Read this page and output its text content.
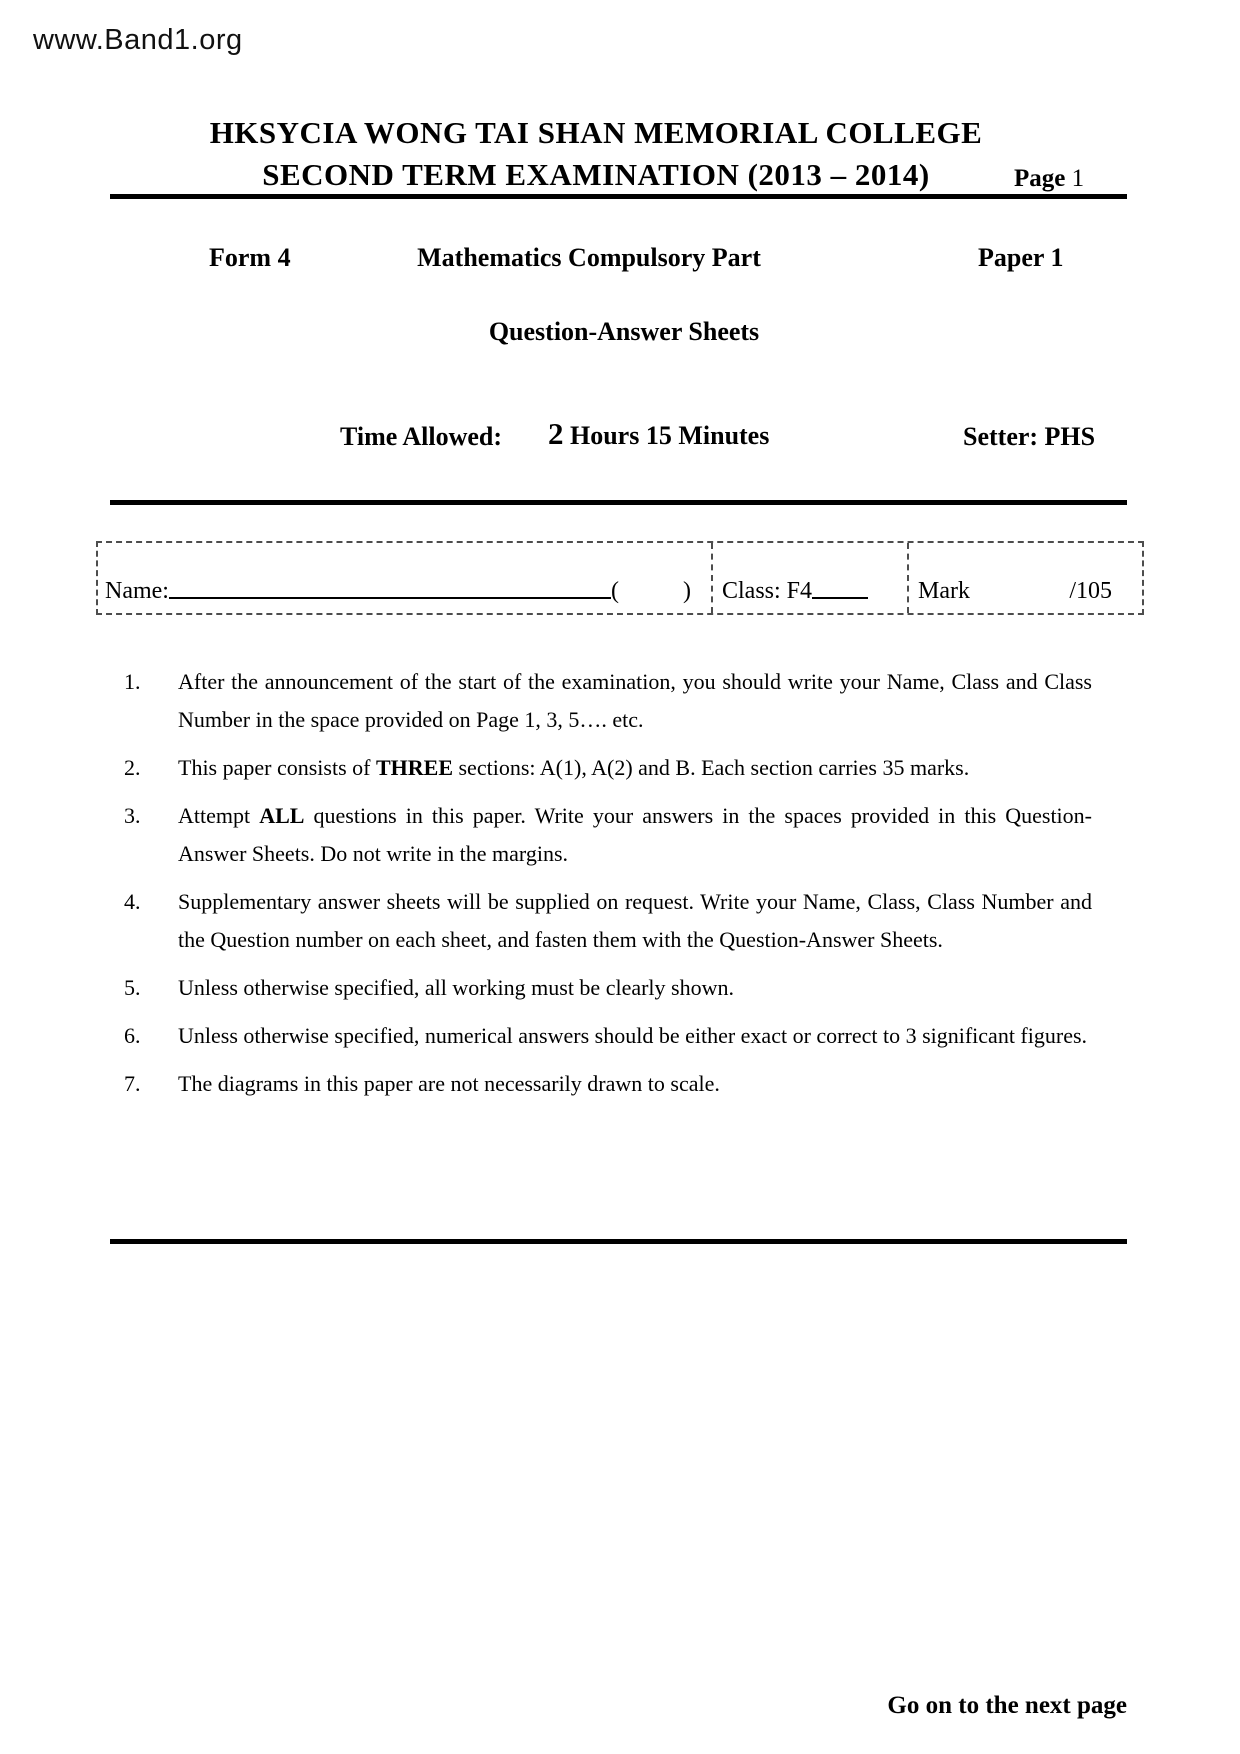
www.Band1.org
HKSYCIA WONG TAI SHAN MEMORIAL COLLEGE
SECOND TERM EXAMINATION (2013 – 2014)	Page 1
Form 4	Mathematics Compulsory Part	Paper 1
Question-Answer Sheets
Time Allowed: 2 Hours 15 Minutes	Setter: PHS
Name:	(	) Class: F4	Mark	/105
1.	After the announcement of the start of the examination, you should write your Name, Class and Class Number in the space provided on Page 1, 3, 5…. etc.
2.	This paper consists of THREE sections: A(1), A(2) and B. Each section carries 35 marks.
3.	Attempt ALL questions in this paper. Write your answers in the spaces provided in this Question-Answer Sheets. Do not write in the margins.
4.	Supplementary answer sheets will be supplied on request. Write your Name, Class, Class Number and the Question number on each sheet, and fasten them with the Question-Answer Sheets.
5.	Unless otherwise specified, all working must be clearly shown.
6.	Unless otherwise specified, numerical answers should be either exact or correct to 3 significant figures.
7.	The diagrams in this paper are not necessarily drawn to scale.
Go on to the next page
